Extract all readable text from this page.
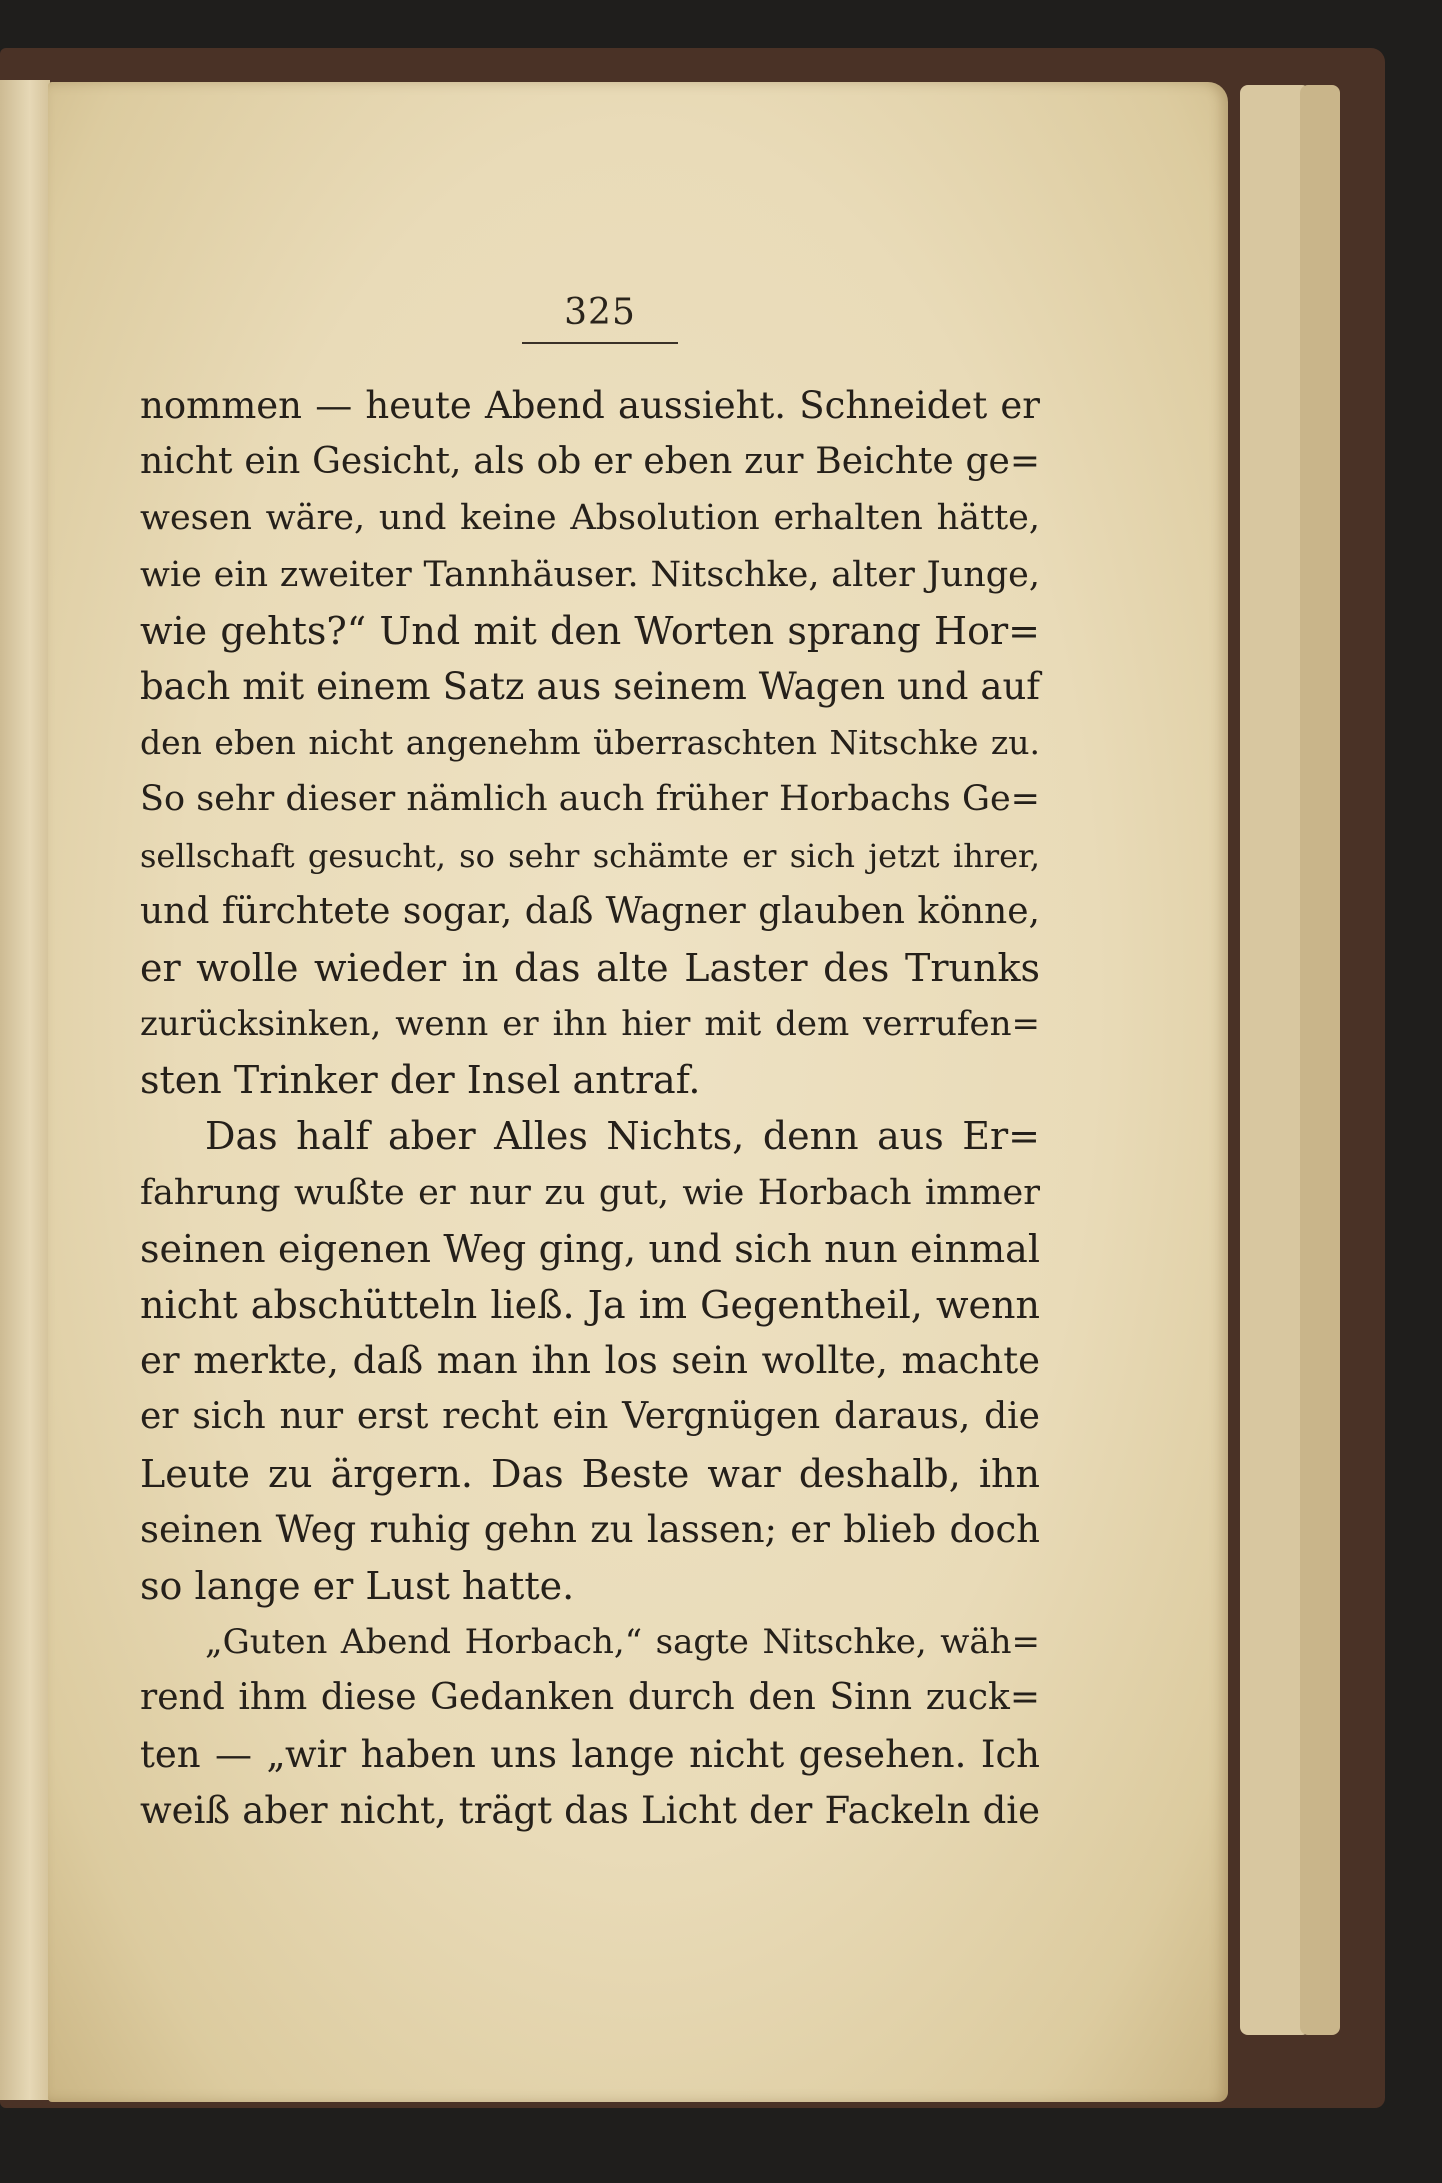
325
nommen — heute Abend aussieht. Schneidet er
nicht ein Gesicht, als ob er eben zur Beichte ge=
wesen wäre, und keine Absolution erhalten hätte,
wie ein zweiter Tannhäuser. Nitschke, alter Junge,
wie gehts?“ Und mit den Worten sprang Hor=
bach mit einem Satz aus seinem Wagen und auf
den eben nicht angenehm überraschten Nitschke zu.
So sehr dieser nämlich auch früher Horbachs Ge=
sellschaft gesucht, so sehr schämte er sich jetzt ihrer,
und fürchtete sogar, daß Wagner glauben könne,
er wolle wieder in das alte Laster des Trunks
zurücksinken, wenn er ihn hier mit dem verrufen=
sten Trinker der Insel antraf.
Das half aber Alles Nichts, denn aus Er=
fahrung wußte er nur zu gut, wie Horbach immer
seinen eigenen Weg ging, und sich nun einmal
nicht abschütteln ließ. Ja im Gegentheil, wenn
er merkte, daß man ihn los sein wollte, machte
er sich nur erst recht ein Vergnügen daraus, die
Leute zu ärgern. Das Beste war deshalb, ihn
seinen Weg ruhig gehn zu lassen; er blieb doch
so lange er Lust hatte.
„Guten Abend Horbach,“ sagte Nitschke, wäh=
rend ihm diese Gedanken durch den Sinn zuck=
ten — „wir haben uns lange nicht gesehen. Ich
weiß aber nicht, trägt das Licht der Fackeln die
